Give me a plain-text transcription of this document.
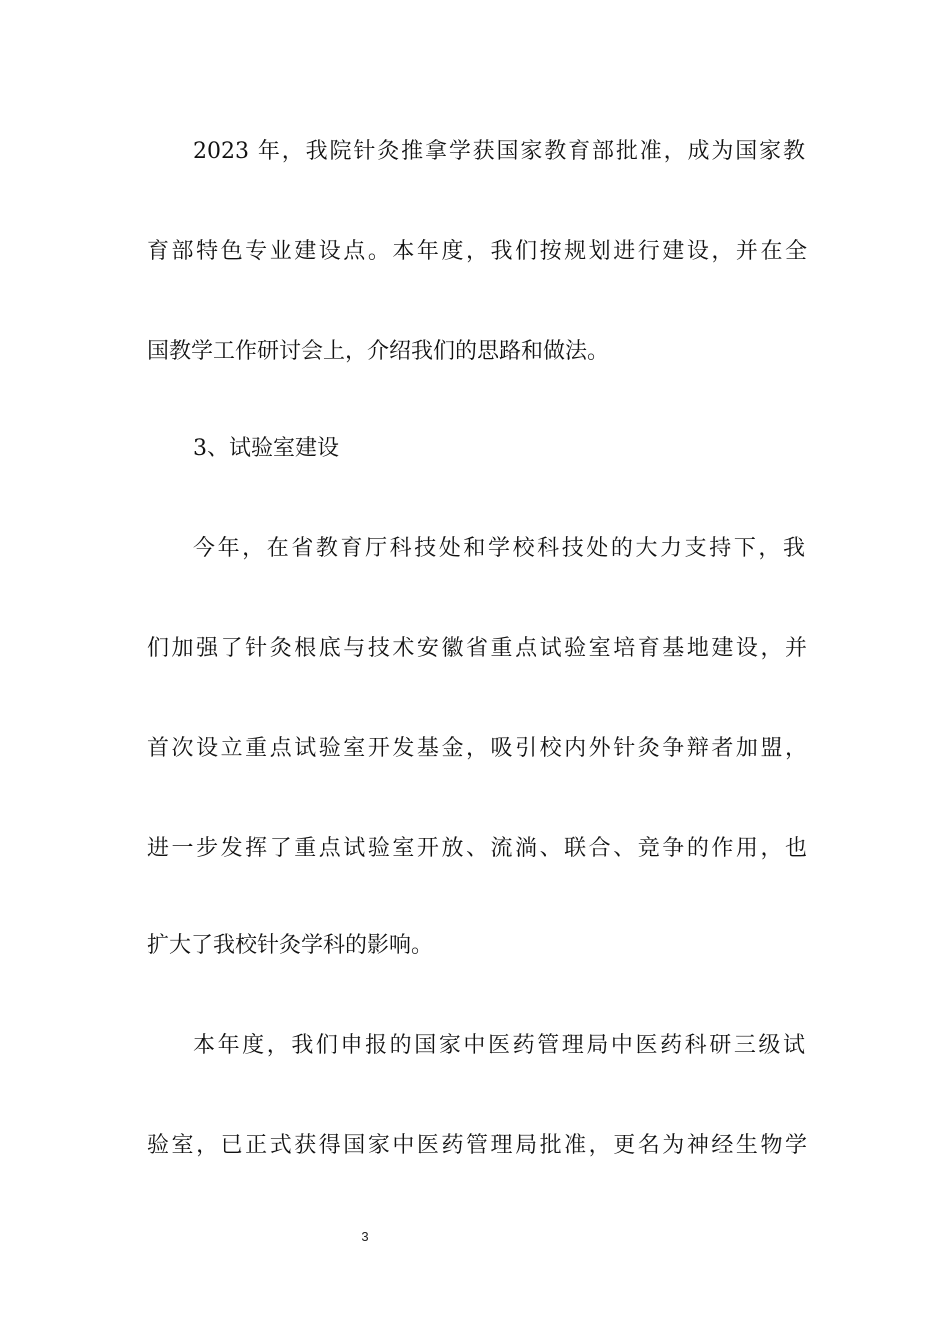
2023 年，我院针灸推拿学获国家教育部批准，成为国家教
育部特色专业建设点。本年度，我们按规划进行建设，并在全
国教学工作研讨会上，介绍我们的思路和做法。
3、试验室建设
今年，在省教育厅科技处和学校科技处的大力支持下，我
们加强了针灸根底与技术安徽省重点试验室培育基地建设，并
首次设立重点试验室开发基金，吸引校内外针灸争辩者加盟，
进一步发挥了重点试验室开放、流淌、联合、竞争的作用，也
扩大了我校针灸学科的影响。
本年度，我们申报的国家中医药管理局中医药科研三级试
验室，已正式获得国家中医药管理局批准，更名为神经生物学
3
